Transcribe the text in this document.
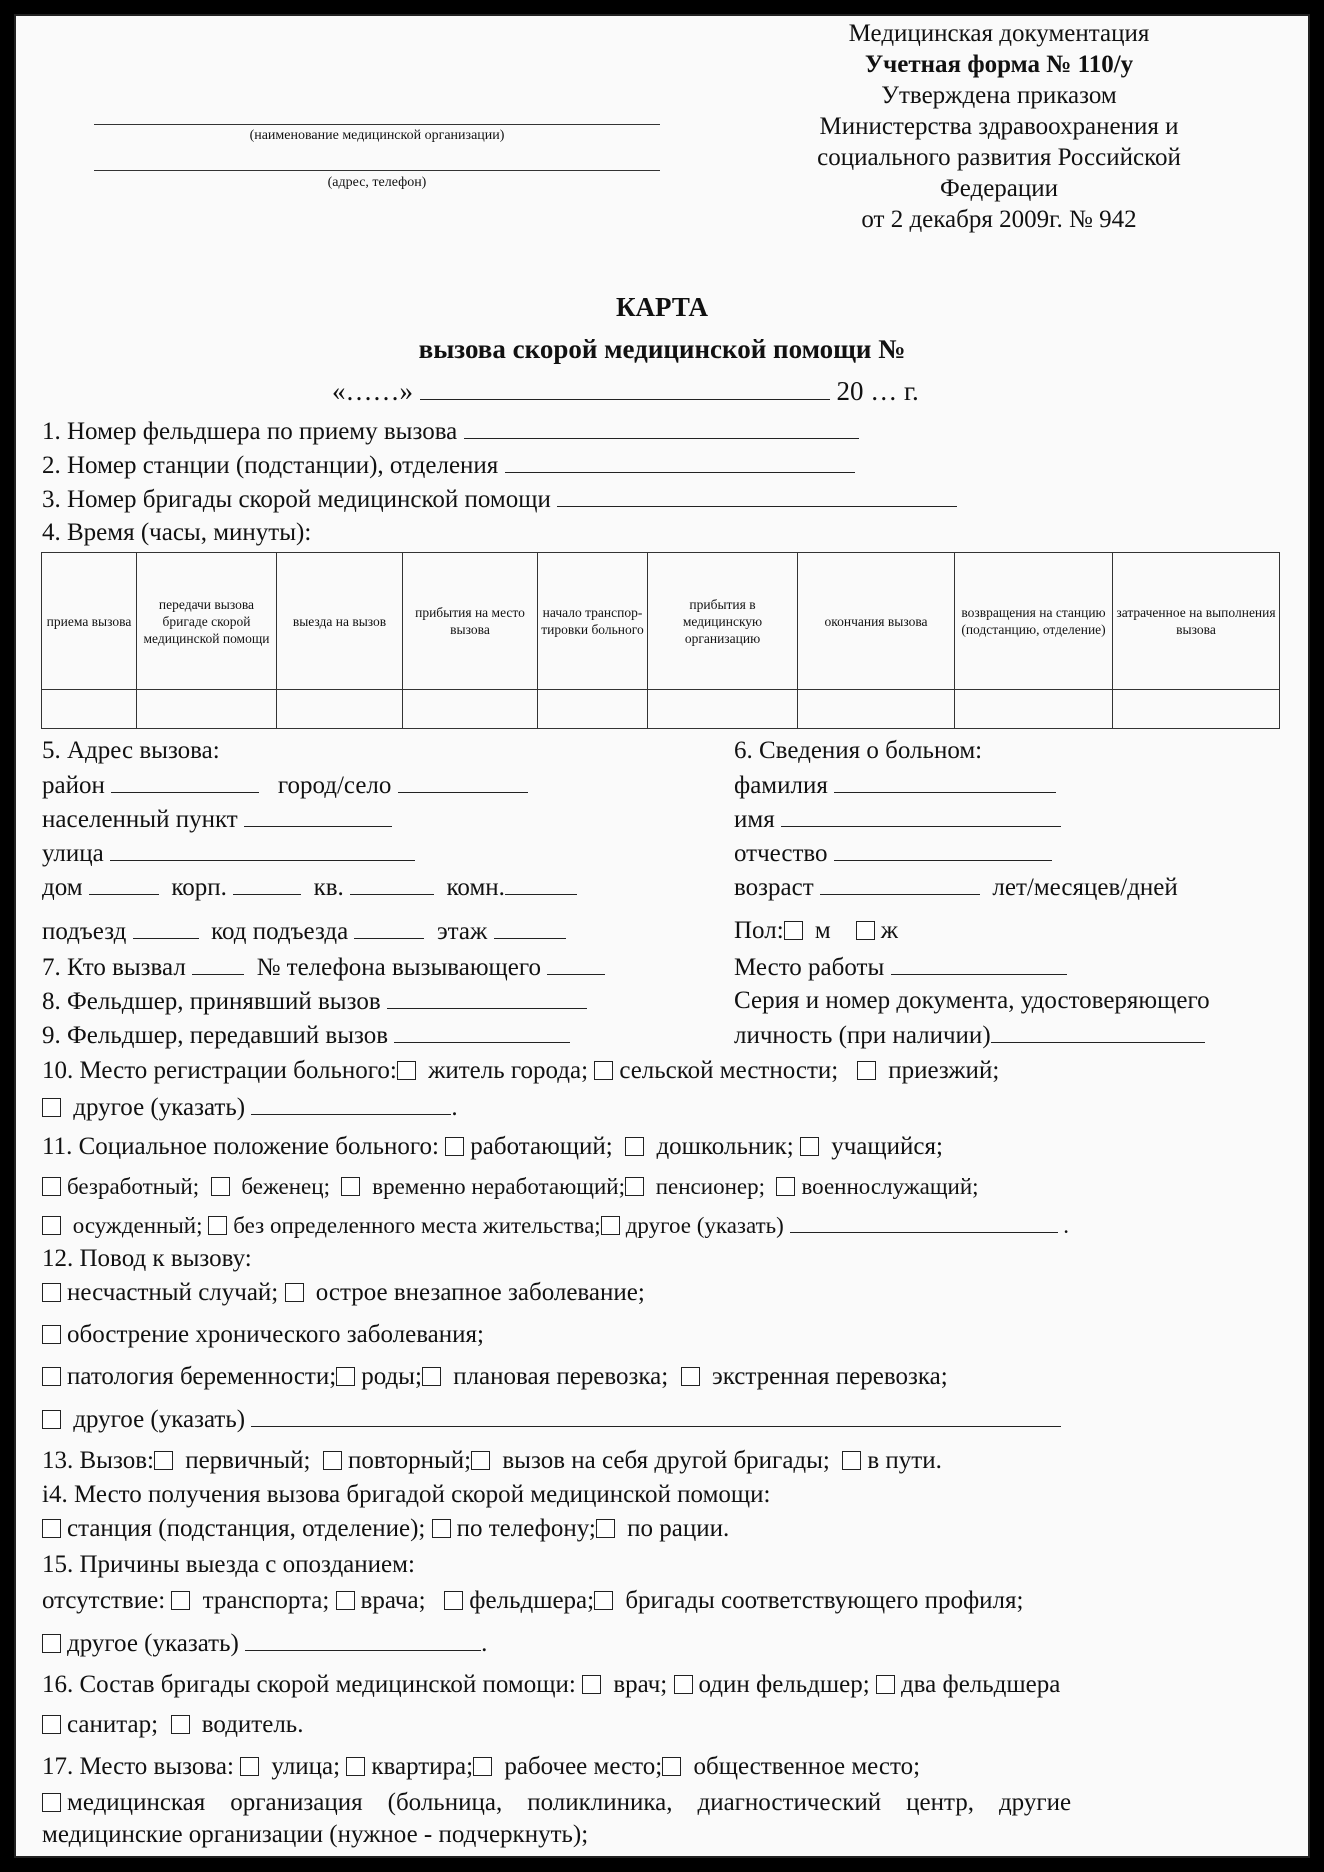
(наименование медицинской организации)
(адрес, телефон)
Медицинская документация
Учетная форма № 110/у
Утверждена приказом
Министерства здравоохранения и
социального развития Российской
Федерации
от 2 декабря 2009г. № 942
КАРТА
вызова скорой медицинской помощи №
«……»	20 … г.
1. Номер фельдшера по приему вызова
2. Номер станции (подстанции), отделения
3. Номер бригады скорой медицинской помощи
4. Время (часы, минуты):
приема вызова	передачи вызова бригаде скорой медицинской помощи	выезда на вызов	прибытия на место вызова	начало транспор-тировки больного	прибытия в медицинскую организацию	окончания вызова	возвращения на станцию (подстанцию, отделение)	затраченное на выполнения вызова

5. Адрес вызова:
район	город/село
населенный пункт
улица
дом	корп.	кв.	комн.
подъезд	код подъезда	этаж
7. Кто вызвал	№ телефона вызывающего
8. Фельдшер, принявший вызов
9. Фельдшер, передавший вызов
6. Сведения о больном:
фамилия
имя
отчество
возраст	лет/месяцев/дней
Пол: м ж
Место работы
Серия и номер документа, удостоверяющего
личность (при наличии)
10. Место регистрации больного: житель города; сельской местности; приезжий;
другое (указать)	.
11. Социальное положение больного: работающий; дошкольник; учащийся;
безработный; беженец; временно неработающий; пенсионер; военнослужащий;
осужденный; без определенного места жительства; другое (указать)	.
12. Повод к вызову:
несчастный случай; острое внезапное заболевание;
обострение хронического заболевания;
патология беременности; роды; плановая перевозка; экстренная перевозка;
другое (указать)
13. Вызов: первичный; повторный; вызов на себя другой бригады; в пути.
і4. Место получения вызова бригадой скорой медицинской помощи:
станция (подстанция, отделение); по телефону; по рации.
15. Причины выезда с опозданием:
отсутствие: транспорта; врача; фельдшера; бригады соответствующего профиля;
другое (указать)	.
16. Состав бригады скорой медицинской помощи: врач; один фельдшер; два фельдшера
санитар; водитель.
17. Место вызова: улица; квартира; рабочее место; общественное место;
медицинская    организация    (больница,    поликлиника,    диагностический    центр,    другие
медицинские организации (нужное - подчеркнуть);
